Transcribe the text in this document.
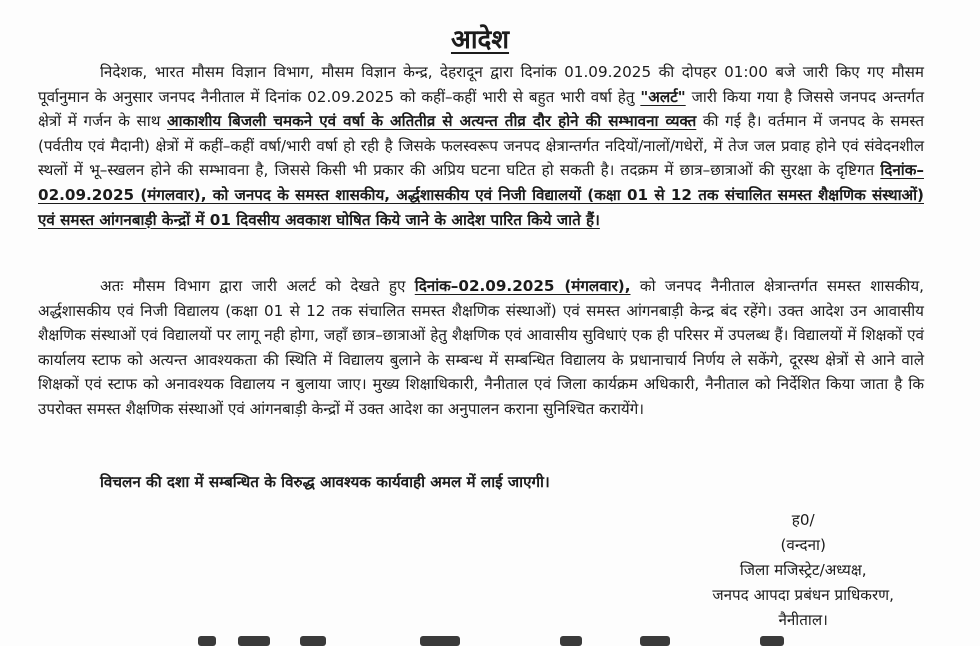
आदेश

निदेशक, भारत मौसम विज्ञान विभाग, मौसम विज्ञान केन्द्र, देहरादून द्वारा दिनांक 01.09.2025 की दोपहर 01:00 बजे जारी किए गए मौसम पूर्वानुमान के अनुसार जनपद नैनीताल में दिनांक 02.09.2025 को कहीं–कहीं भारी से बहुत भारी वर्षा हेतु "अलर्ट" जारी किया गया है जिससे जनपद अन्तर्गत क्षेत्रों में गर्जन के साथ आकाशीय बिजली चमकने एवं वर्षा के अतितीव्र से अत्यन्त तीव्र दौर होने की सम्भावना व्यक्त की गई है। वर्तमान में जनपद के समस्त (पर्वतीय एवं मैदानी) क्षेत्रों में कहीं–कहीं वर्षा/भारी वर्षा हो रही है जिसके फलस्वरूप जनपद क्षेत्रान्तर्गत नदियों/नालों/गधेरों, में तेज जल प्रवाह होने एवं संवेदनशील स्थलों में भू–स्खलन होने की सम्भावना है, जिससे किसी भी प्रकार की अप्रिय घटना घटित हो सकती है। तदक्रम में छात्र–छात्राओं की सुरक्षा के दृष्टिगत दिनांक–02.09.2025 (मंगलवार), को जनपद के समस्त शासकीय, अर्द्धशासकीय एवं निजी विद्यालयों (कक्षा 01 से 12 तक संचालित समस्त शैक्षणिक संस्थाओं) एवं समस्त आंगनबाड़ी केन्द्रों में 01 दिवसीय अवकाश घोषित किये जाने के आदेश पारित किये जाते हैं।

अतः मौसम विभाग द्वारा जारी अलर्ट को देखते हुए दिनांक–02.09.2025 (मंगलवार), को जनपद नैनीताल क्षेत्रान्तर्गत समस्त शासकीय, अर्द्धशासकीय एवं निजी विद्यालय (कक्षा 01 से 12 तक संचालित समस्त शैक्षणिक संस्थाओं) एवं समस्त आंगनबाड़ी केन्द्र बंद रहेंगे। उक्त आदेश उन आवासीय शैक्षणिक संस्थाओं एवं विद्यालयों पर लागू नही होगा, जहाँ छात्र–छात्राओं हेतु शैक्षणिक एवं आवासीय सुविधाएं एक ही परिसर में उपलब्ध हैं। विद्यालयों में शिक्षकों एवं कार्यालय स्टाफ को अत्यन्त आवश्यकता की स्थिति में विद्यालय बुलाने के सम्बन्ध में सम्बन्धित विद्यालय के प्रधानाचार्य निर्णय ले सकेंगे, दूरस्थ क्षेत्रों से आने वाले शिक्षकों एवं स्टाफ को अनावश्यक विद्यालय न बुलाया जाए। मुख्य शिक्षाधिकारी, नैनीताल एवं जिला कार्यक्रम अधिकारी, नैनीताल को निर्देशित किया जाता है कि उपरोक्त समस्त शैक्षणिक संस्थाओं एवं आंगनबाड़ी केन्द्रों में उक्त आदेश का अनुपालन कराना सुनिश्चित करायेंगे।

विचलन की दशा में सम्बन्धित के विरुद्ध आवश्यक कार्यवाही अमल में लाई जाएगी।

ह0/
(वन्दना)
जिला मजिस्ट्रेट/अध्यक्ष,
जनपद आपदा प्रबंधन प्राधिकरण,
नैनीताल।
